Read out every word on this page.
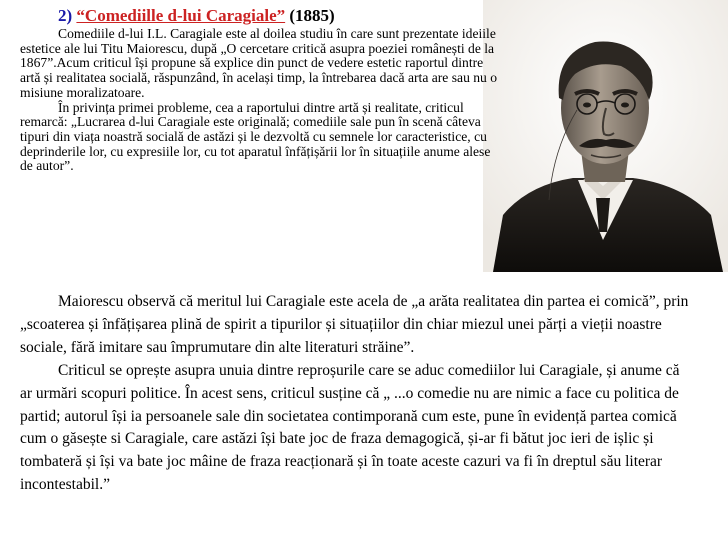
2) “Comediille d-lui Caragiale” (1885)

Comediile d-lui I.L. Caragiale este al doilea studiu în care sunt prezentate ideiile estetice ale lui Titu Maiorescu, după „O cercetare critică asupra poeziei românești de la 1867”.Acum criticul își propune să explice din punct de vedere estetic raportul dintre artă și realitatea socială, răspunzând, în același timp, la întrebarea dacă arta are sau nu o misiune moralizatoare.

În privința primei probleme, cea a raportului dintre artă și realitate, criticul remarcă: „Lucrarea d-lui Caragiale este originală; comediile sale pun în scenă câteva tipuri din viața noastră socială de astăzi și le dezvoltă cu semnele lor caracteristice, cu deprinderile lor, cu expresiile lor, cu tot aparatul înfățișării lor în situațiile anume alese de autor”.

Maiorescu observă că meritul lui Caragiale este acela de „a arăta realitatea din partea ei comică”, prin „scoaterea și înfățișarea plină de spirit a tipurilor și situațiilor din chiar miezul unei părți a vieții noastre sociale, fără imitare sau împrumutare din alte literaturi străine”.

Criticul se oprește asupra unuia dintre reproșurile care se aduc comediilor lui Caragiale, și anume că ar urmări scopuri politice. În acest sens, criticul susține că „ ...o comedie nu are nimic a face cu politica de partid; autorul își ia persoanele sale din societatea contimporană cum este, pune în evidență partea comică cum o găsește si Caragiale, care astăzi își bate joc de fraza demagogică, și-ar fi bătut joc ieri de ișlic și tombateră și își va bate joc mâine de fraza reacționară și în toate aceste cazuri va fi în dreptul său literar incontestabil.”
